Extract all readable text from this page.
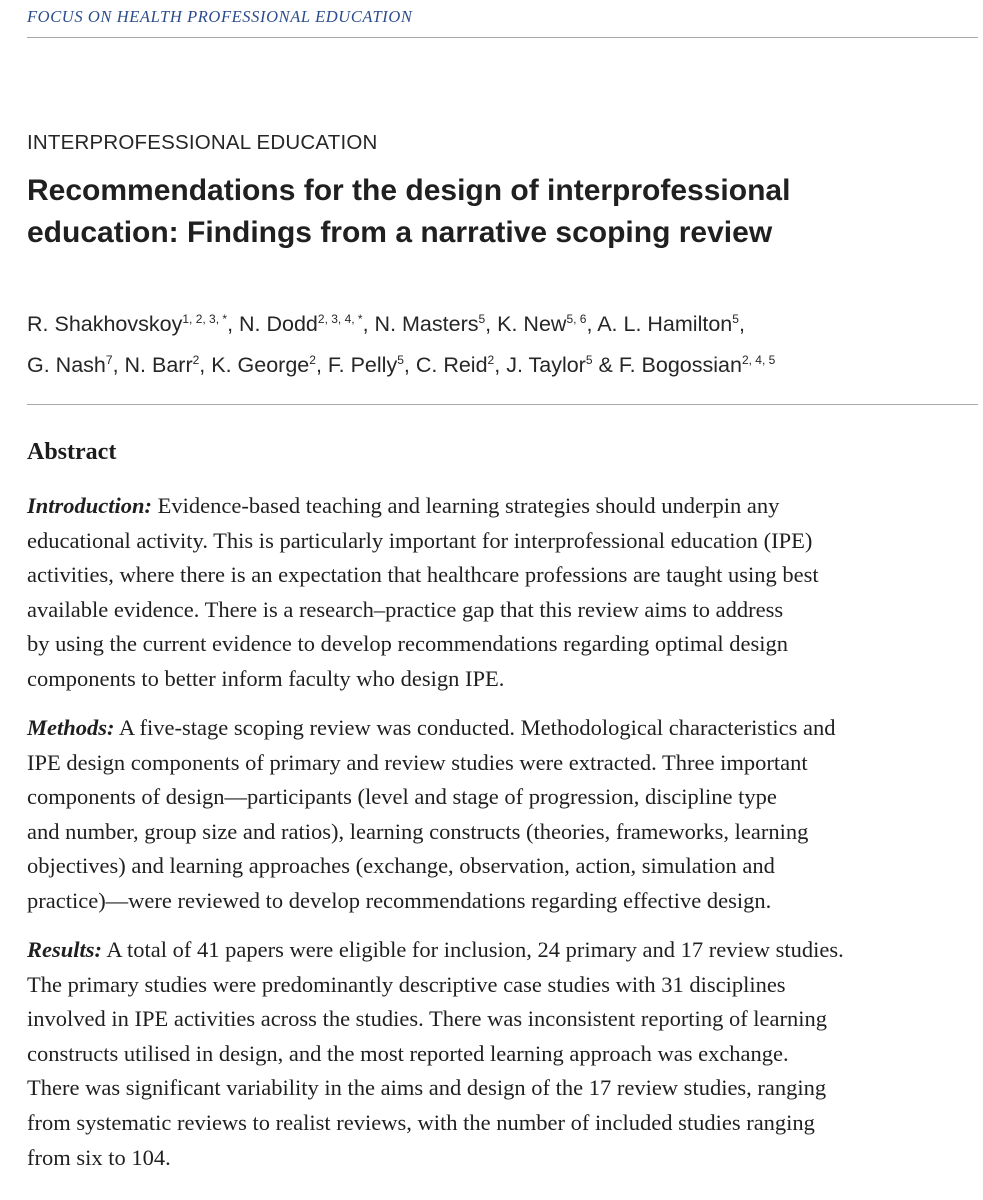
FOCUS ON HEALTH PROFESSIONAL EDUCATION
INTERPROFESSIONAL EDUCATION
Recommendations for the design of interprofessional
education: Findings from a narrative scoping review
R. Shakhovskoy$^{1, 2, 3, *}$, N. Dodd$^{2, 3, 4, *}$, N. Masters$^5$, K. New$^{5, 6}$, A. L. Hamilton$^5$,
G. Nash$^7$, N. Barr$^2$, K. George$^2$, F. Pelly$^5$, C. Reid$^2$, J. Taylor$^5$ & F. Bogossian$^{2, 4, 5}$
Abstract

Introduction: Evidence-based teaching and learning strategies should underpin any
educational activity. This is particularly important for interprofessional education (IPE)
activities, where there is an expectation that healthcare professions are taught using best
available evidence. There is a research–practice gap that this review aims to address
by using the current evidence to develop recommendations regarding optimal design
components to better inform faculty who design IPE.

Methods: A five-stage scoping review was conducted. Methodological characteristics and
IPE design components of primary and review studies were extracted. Three important
components of design—participants (level and stage of progression, discipline type
and number, group size and ratios), learning constructs (theories, frameworks, learning
objectives) and learning approaches (exchange, observation, action, simulation and
practice)—were reviewed to develop recommendations regarding effective design.

Results: A total of 41 papers were eligible for inclusion, 24 primary and 17 review studies.
The primary studies were predominantly descriptive case studies with 31 disciplines
involved in IPE activities across the studies. There was inconsistent reporting of learning
constructs utilised in design, and the most reported learning approach was exchange.
There was significant variability in the aims and design of the 17 review studies, ranging
from systematic reviews to realist reviews, with the number of included studies ranging
from six to 104.
